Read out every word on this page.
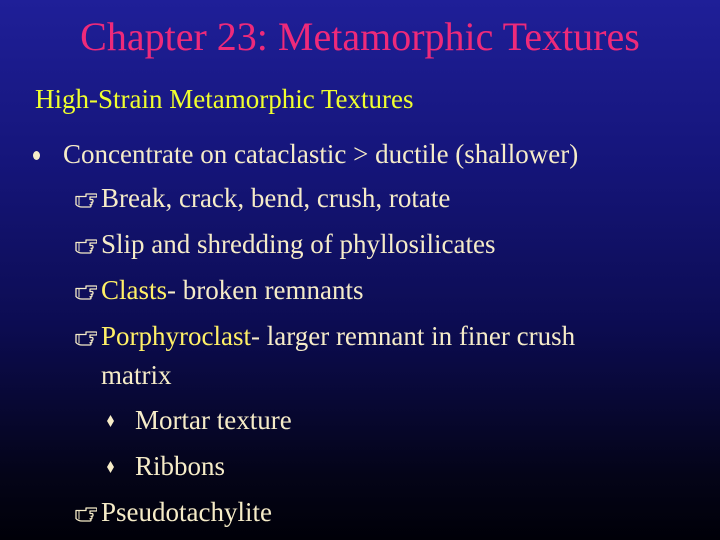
Chapter 23: Metamorphic Textures
High-Strain Metamorphic Textures
Concentrate on cataclastic > ductile (shallower)
Break, crack, bend, crush, rotate
Slip and shredding of phyllosilicates
Clasts- broken remnants
Porphyroclast- larger remnant in finer crush
matrix
Mortar texture
Ribbons
Pseudotachylite
